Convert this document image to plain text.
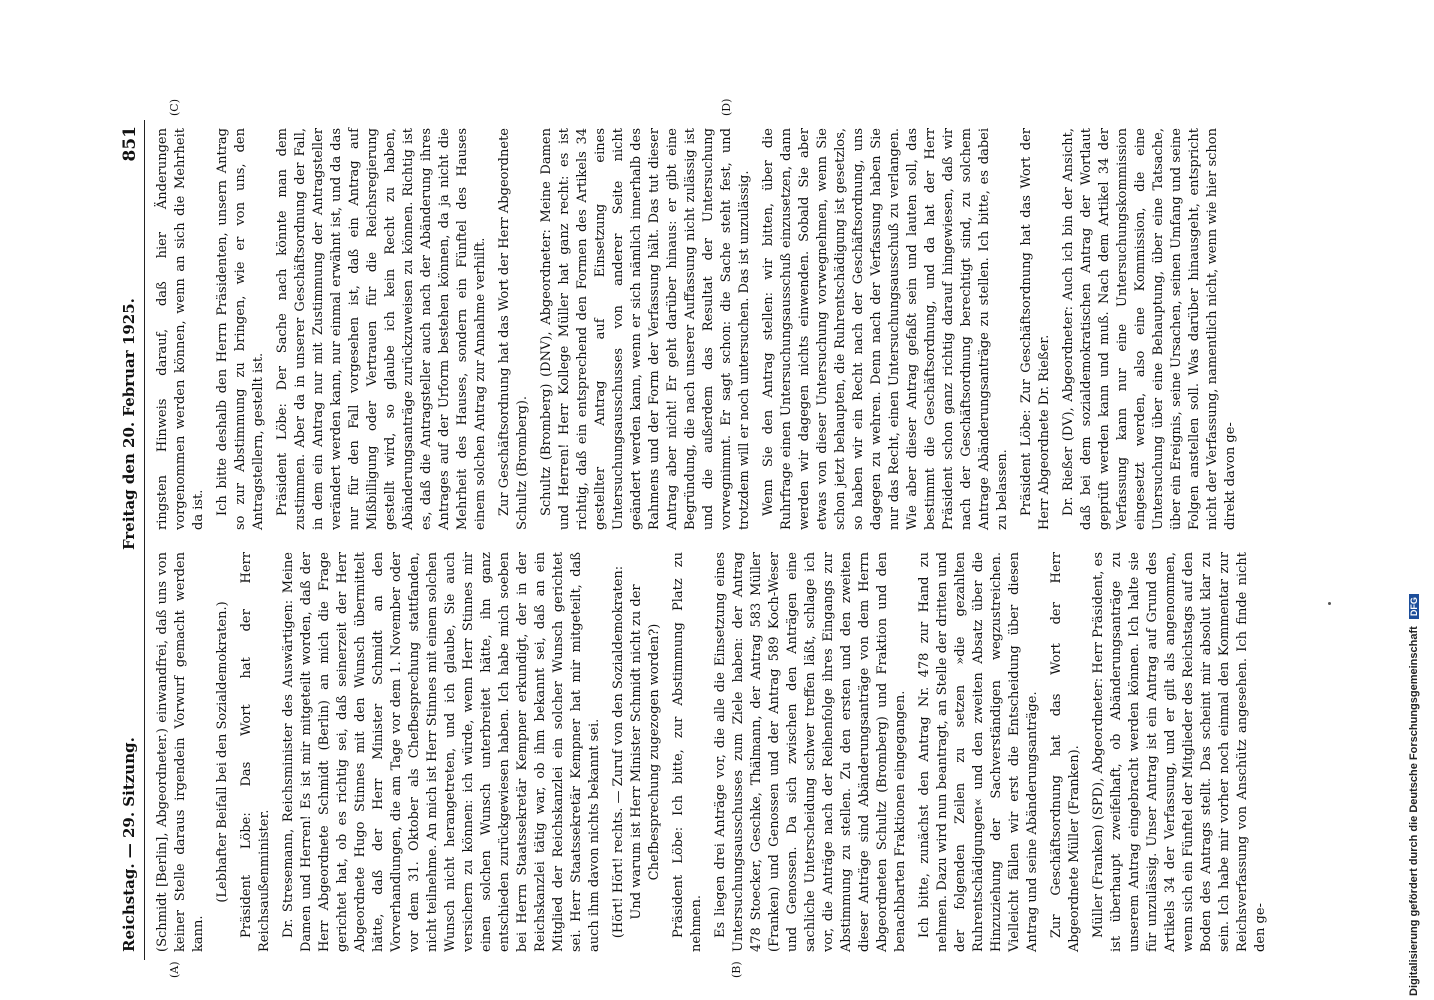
Reichstag. — 29. Sitzung.
Freitag den 20. Februar 1925.
851
(A)	(B)
(C)	(D)

(Schmidt [Berlin], Abgeordneter.) einwandfrei, daß uns von keiner Stelle daraus irgendein Vorwurf gemacht werden kann.

(Lebhafter Beifall bei den Sozialdemokraten.) Präsident Löbe: Das Wort hat der Herr Reichsaußenminister. Dr. Stresemann, Reichsminister des Auswärtigen: Meine Damen und Herren! Es ist mir mitgeteilt worden, daß der Herr Abgeordnete Schmidt (Berlin) an mich die Frage gerichtet hat, ob es richtig sei, daß seinerzeit der Herr Abgeordnete Hugo Stinnes mit den Wunsch übermittelt hätte, daß der Herr Minister Schmidt an den Vorverhandlungen, die am Tage vor dem 1. November oder vor dem 31. Oktober als Chefbesprechung stattfanden, nicht teilnehme. An mich ist Herr Stinnes mit einem solchen Wunsch nicht herangetreten, und ich glaube, Sie auch versichern zu können: ich würde, wenn Herr Stinnes mir einen solchen Wunsch unterbreitet hätte, ihn ganz entschieden zurückgewiesen haben. Ich habe mich soeben bei Herrn Staatssekretär Kempner erkundigt, der in der Reichskanzlei tätig war, ob ihm bekannt sei, daß an ein Mitglied der Reichskanzlei ein solcher Wunsch gerichtet sei. Herr Staatssekretär Kempner hat mir mitgeteilt, daß auch ihm davon nichts bekannt sei. (Hört! Hört! rechts. — Zuruf von den Sozialdemokraten: Und warum ist Herr Minister Schmidt nicht zu der Chefbesprechung zugezogen worden?) Präsident Löbe: Ich bitte, zur Abstimmung Platz zu nehmen. Es liegen drei Anträge vor, die alle die Einsetzung eines Untersuchungsausschusses zum Ziele haben: der Antrag 478 Stoecker, Geschke, Thälmann, der Antrag 583 Müller (Franken) und Genossen und der Antrag 589 Koch-Weser und Genossen. Da sich zwischen den Anträgen eine sachliche Unterscheidung schwer treffen läßt, schlage ich vor, die Anträge nach der Reihenfolge ihres Eingangs zur Abstimmung zu stellen. Zu den ersten und den zweiten dieser Anträge sind Abänderungsanträge von dem Herrn Abgeordneten Schultz (Bromberg) und Fraktion und den benachbarten Fraktionen eingegangen. Ich bitte, zunächst den Antrag Nr. 478 zur Hand zu nehmen. Dazu wird nun beantragt, an Stelle der dritten und der folgenden Zeilen zu setzen »die gezahlten Ruhrentschädigungen« und den zweiten Absatz über die Hinzuziehung der Sachverständigen wegzustreichen. Vielleicht fällen wir erst die Entscheidung über diesen Antrag und seine Abänderungsanträge. Zur Geschäftsordnung hat das Wort der Herr Abgeordnete Müller (Franken). Müller (Franken) (SPD), Abgeordneter: Herr Präsident, es ist überhaupt zweifelhaft, ob Abänderungsanträge zu unserem Antrag eingebracht werden können. Ich halte sie für unzulässig. Unser Antrag ist ein Antrag auf Grund des Artikels 34 der Verfassung, und er gilt als angenommen, wenn sich ein Fünftel der Mitglieder des Reichstags auf den Boden des Antrags stellt. Das scheint mir absolut klar zu sein. Ich habe mir vorher noch einmal den Kommentar zur Reichsverfassung von Anschütz angesehen. Ich finde nicht den ge-

ringsten Hinweis darauf, daß hier Änderungen vorgenommen werden können, wenn an sich die Mehrheit da ist. Ich bitte deshalb den Herrn Präsidenten, unsern Antrag so zur Abstimmung zu bringen, wie er von uns, den Antragstellern, gestellt ist. Präsident Löbe: Der Sache nach könnte man dem zustimmen. Aber da in unserer Geschäftsordnung der Fall, in dem ein Antrag nur mit Zustimmung der Antragsteller verändert werden kann, nur einmal erwähnt ist, und da das nur für den Fall vorgesehen ist, daß ein Antrag auf Mißbilligung oder Vertrauen für die Reichsregierung gestellt wird, so glaube ich kein Recht zu haben, Abänderungsanträge zurückzuweisen zu können. Richtig ist es, daß die Antragsteller auch nach der Abänderung ihres Antrages auf der Urform bestehen können, da ja nicht die Mehrheit des Hauses, sondern ein Fünftel des Hauses einem solchen Antrag zur Annahme verhilft. Zur Geschäftsordnung hat das Wort der Herr Abgeordnete Schultz (Bromberg). Schultz (Bromberg) (DNV), Abgeordneter: Meine Damen und Herren! Herr Kollege Müller hat ganz recht: es ist richtig, daß ein entsprechend den Formen des Artikels 34 gestellter Antrag auf Einsetzung eines Untersuchungsausschusses von anderer Seite nicht geändert werden kann, wenn er sich nämlich innerhalb des Rahmens und der Form der Verfassung hält. Das tut dieser Antrag aber nicht! Er geht darüber hinaus: er gibt eine Begründung, die nach unserer Auffassung nicht zulässig ist und die außerdem das Resultat der Untersuchung vorwegnimmt. Er sagt schon: die Sache steht fest, und trotzdem will er noch untersuchen. Das ist unzulässig. Wenn Sie den Antrag stellen: wir bitten, über die Ruhrfrage einen Untersuchungsausschuß einzusetzen, dann werden wir dagegen nichts einwenden. Sobald Sie aber etwas von dieser Untersuchung vorwegnehmen, wenn Sie schon jetzt behaupten, die Ruhrentschädigung ist gesetzlos, so haben wir ein Recht nach der Geschäftsordnung, uns dagegen zu wehren. Denn nach der Verfassung haben Sie nur das Recht, einen Untersuchungsausschuß zu verlangen. Wie aber dieser Antrag gefaßt sein und lauten soll, das bestimmt die Geschäftsordnung, und da hat der Herr Präsident schon ganz richtig darauf hingewiesen, daß wir nach der Geschäftsordnung berechtigt sind, zu solchem Antrage Abänderungsanträge zu stellen. Ich bitte, es dabei zu belassen. Präsident Löbe: Zur Geschäftsordnung hat das Wort der Herr Abgeordnete Dr. Rießer. Dr. Rießer (DV), Abgeordneter: Auch ich bin der Ansicht, daß bei dem sozialdemokratischen Antrag der Wortlaut geprüft werden kann und muß. Nach dem Artikel 34 der Verfassung kann nur eine Untersuchungskommission eingesetzt werden, also eine Kommission, die eine Untersuchung über eine Behauptung, über eine Tatsache, über ein Ereignis, seine Ursachen, seinen Umfang und seine Folgen anstellen soll. Was darüber hinausgeht, entspricht nicht der Verfassung, namentlich nicht, wenn wie hier schon direkt davon ge-

Digitalisierung gefördert durch die Deutsche Forschungsgemeinschaft DFG
